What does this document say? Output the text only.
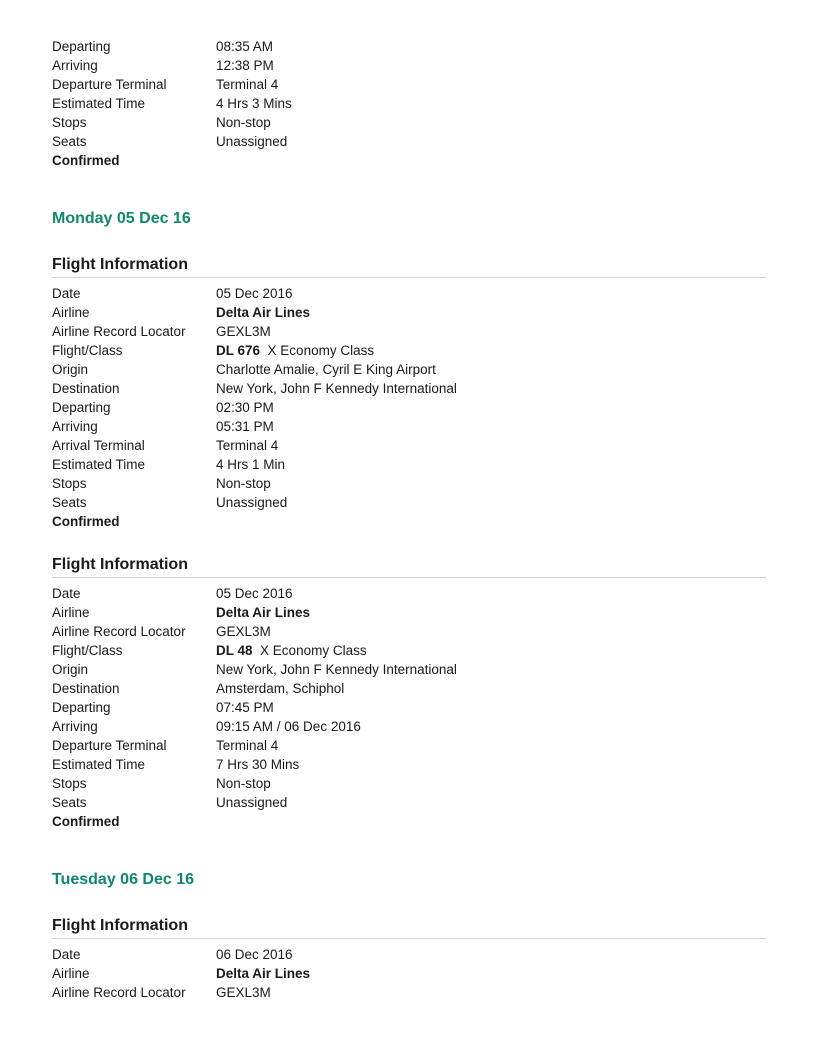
Departing	08:35 AM
Arriving	12:38 PM
Departure Terminal	Terminal 4
Estimated Time	4 Hrs 3 Mins
Stops	Non-stop
Seats	Unassigned
Confirmed
Monday 05 Dec 16
Flight Information
Date	05 Dec 2016
Airline	Delta Air Lines
Airline Record Locator	GEXL3M
Flight/Class	DL 676 X Economy Class
Origin	Charlotte Amalie, Cyril E King Airport
Destination	New York, John F Kennedy International
Departing	02:30 PM
Arriving	05:31 PM
Arrival Terminal	Terminal 4
Estimated Time	4 Hrs 1 Min
Stops	Non-stop
Seats	Unassigned
Confirmed
Flight Information
Date	05 Dec 2016
Airline	Delta Air Lines
Airline Record Locator	GEXL3M
Flight/Class	DL 48 X Economy Class
Origin	New York, John F Kennedy International
Destination	Amsterdam, Schiphol
Departing	07:45 PM
Arriving	09:15 AM / 06 Dec 2016
Departure Terminal	Terminal 4
Estimated Time	7 Hrs 30 Mins
Stops	Non-stop
Seats	Unassigned
Confirmed
Tuesday 06 Dec 16
Flight Information
Date	06 Dec 2016
Airline	Delta Air Lines
Airline Record Locator	GEXL3M
